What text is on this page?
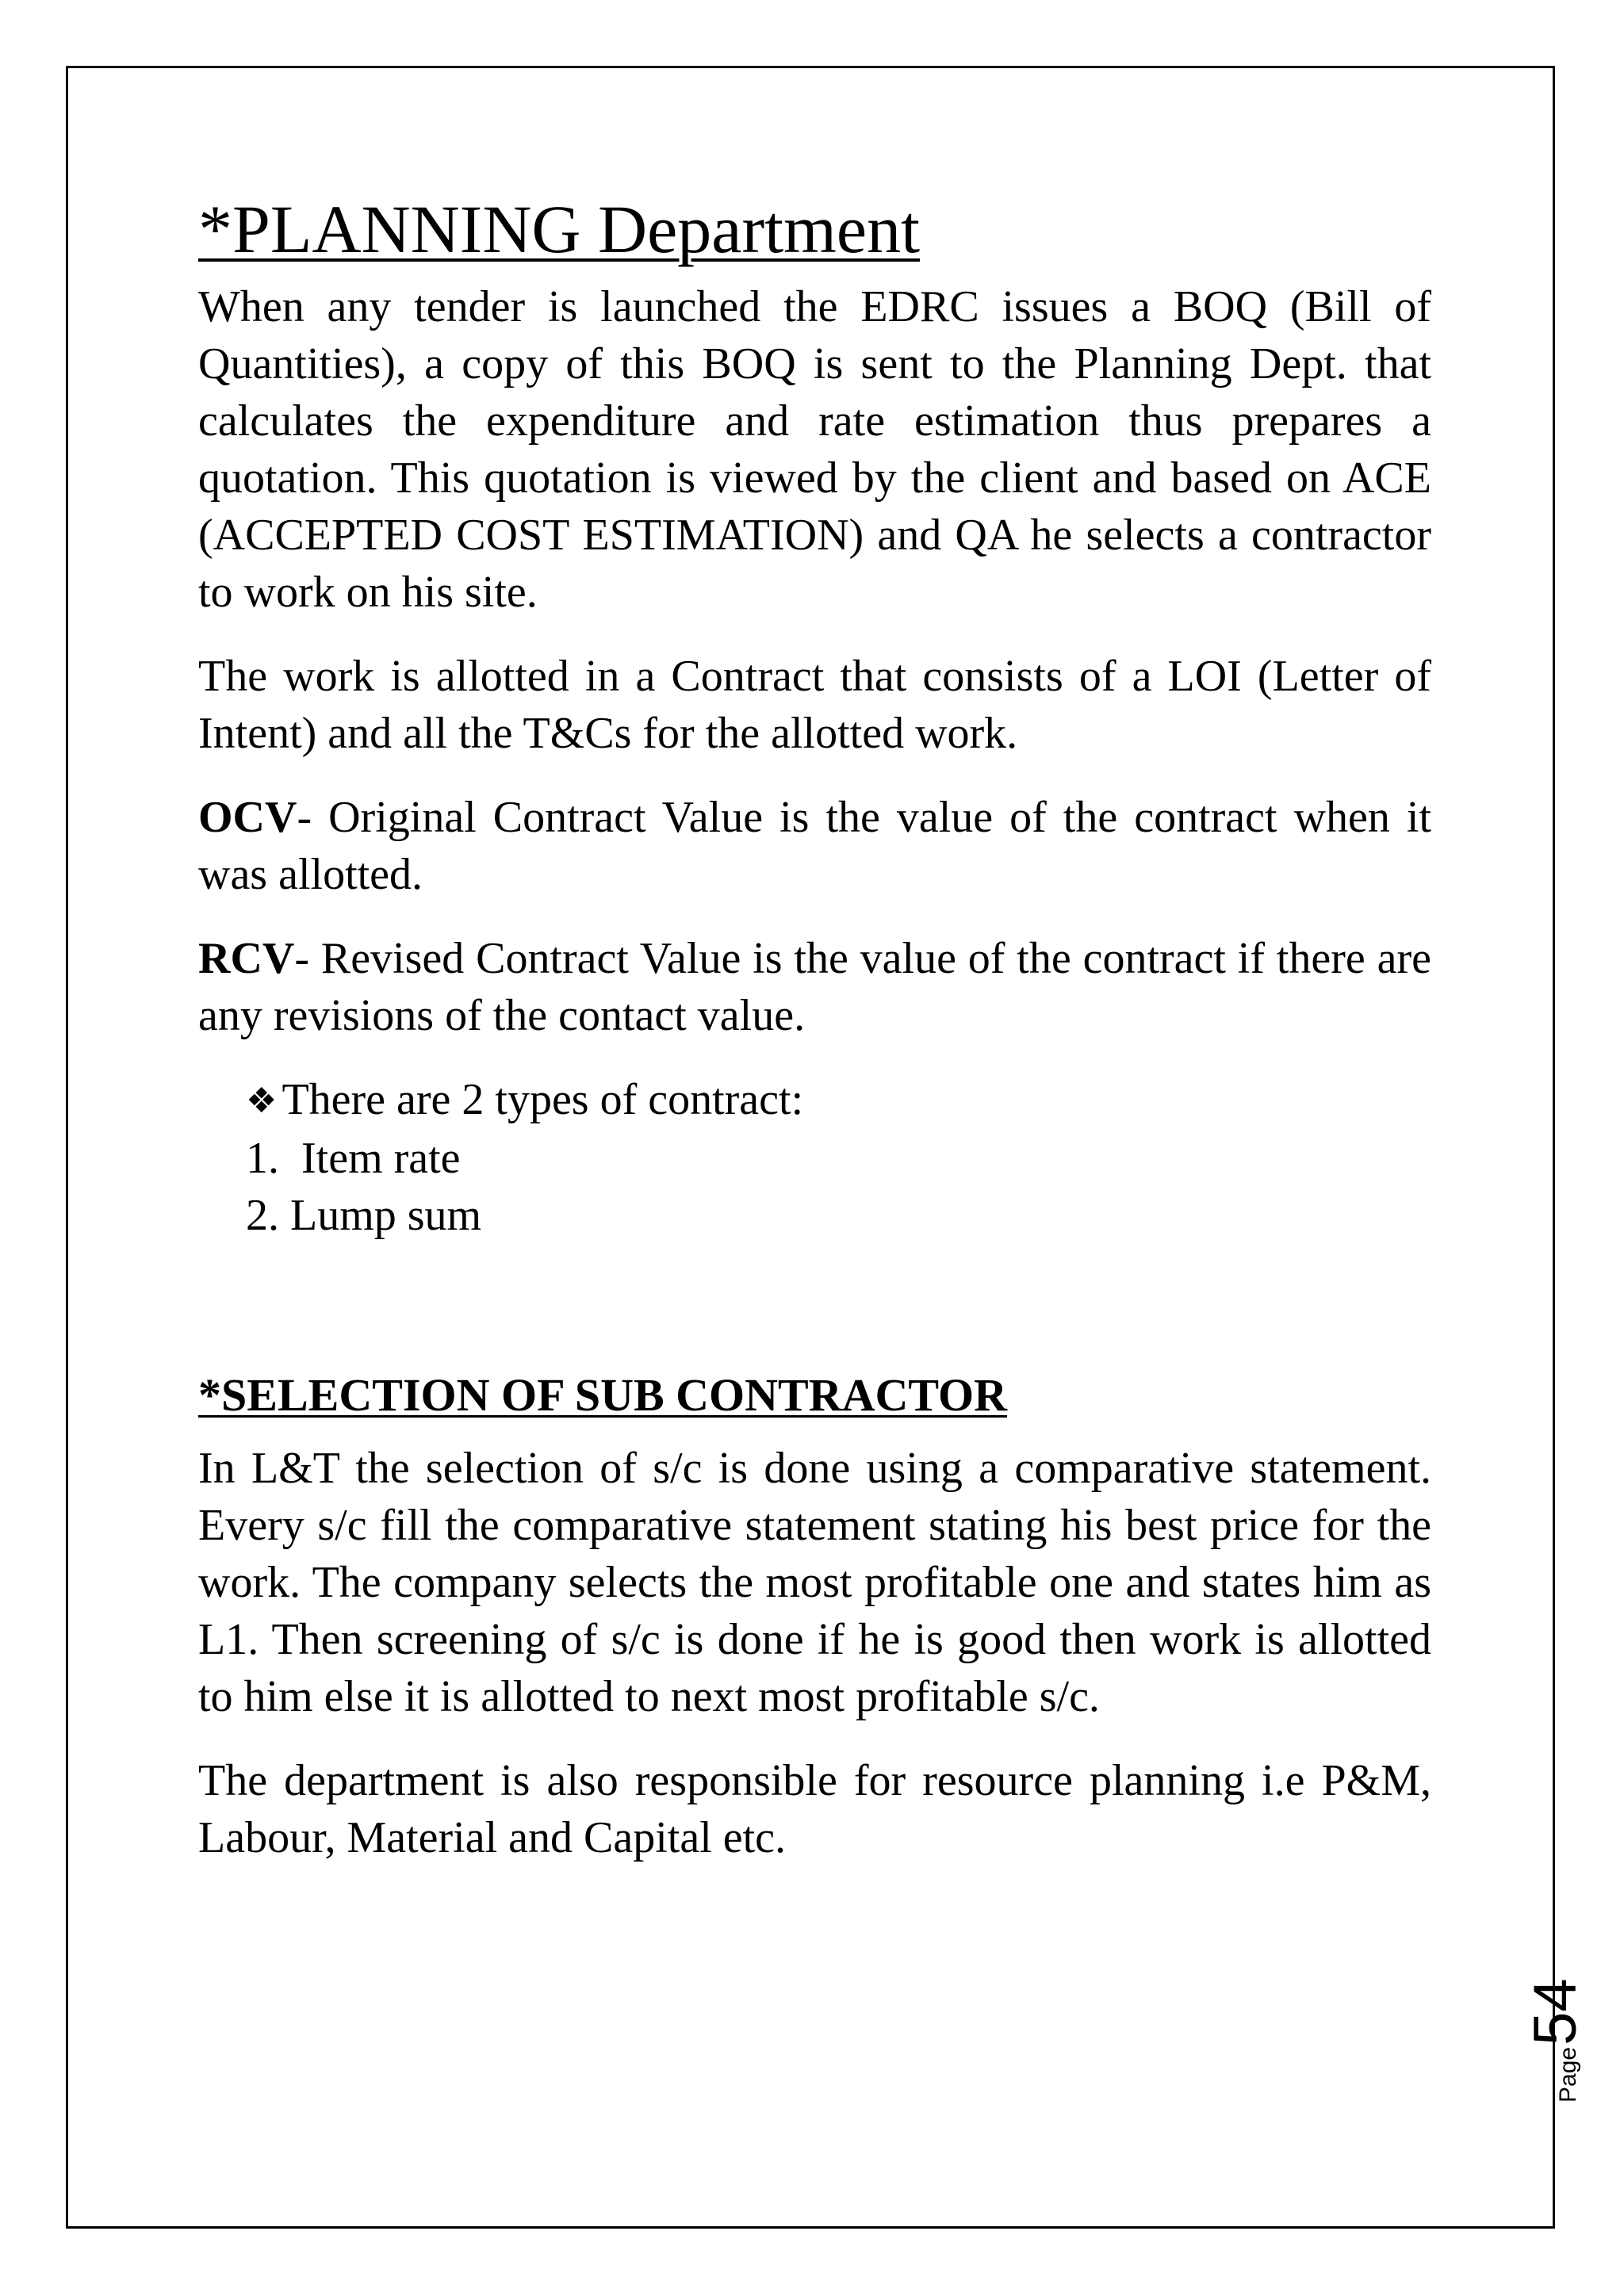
*PLANNING Department

When any tender is launched the EDRC issues a BOQ (Bill of Quantities), a copy of this BOQ is sent to the Planning Dept. that calculates the expenditure and rate estimation thus prepares a quotation. This quotation is viewed by the client and based on ACE (ACCEPTED COST ESTIMATION) and QA he selects a contractor to work on his site.

The work is allotted in a Contract that consists of a LOI (Letter of Intent) and all the T&Cs for the allotted work.

OCV- Original Contract Value is the value of the contract when it was allotted.

RCV- Revised Contract Value is the value of the contract if there are any revisions of the contact value.

❖ There are 2 types of contract:
1.  Item rate
2. Lump sum
*SELECTION OF SUB CONTRACTOR

In L&T the selection of s/c is done using a comparative statement. Every s/c fill the comparative statement stating his best price for the work. The company selects the most profitable one and states him as L1. Then screening of s/c is done if he is good then work is allotted to him else it is allotted to next most profitable s/c.

The department is also responsible for resource planning i.e P&M, Labour, Material and Capital etc.

Page54
